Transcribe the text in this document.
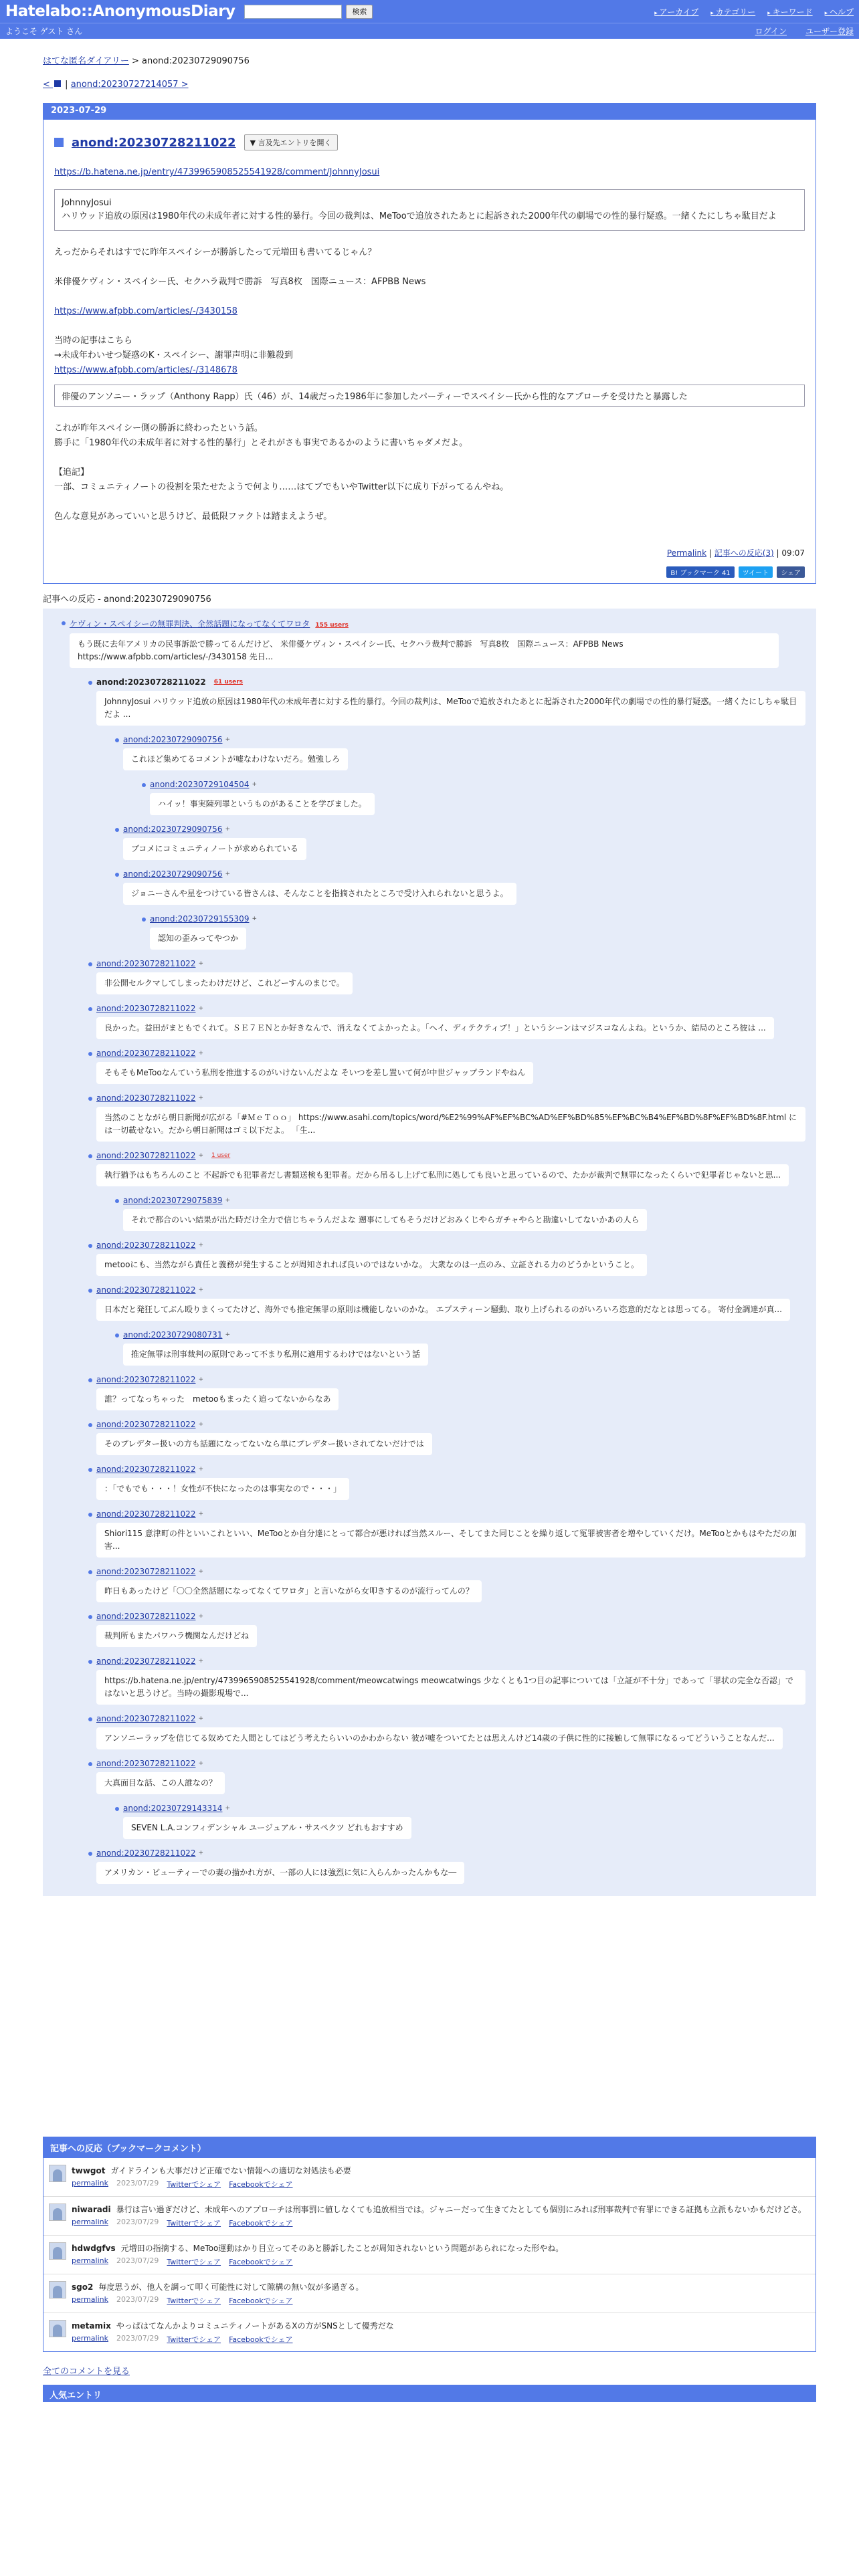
Hatelabo::AnonymousDiary	検索	▸ アーカイブ	▸ カテゴリー	▸ キーワード	▸ ヘルプ
ようこそ ゲスト さん	ログイン ユーザー登録
はてな匿名ダイアリー > anond:20230729090756
<  | anond:20230727214057 >
2023-07-29
anond:20230728211022	▼ 言及先エントリを開く
https://b.hatena.ne.jp/entry/4739965908525541928/comment/JohnnyJosui
JohnnyJosui
ハリウッド追放の原因は1980年代の未成年者に対する性的暴行。今回の裁判は、MeTooで追放されたあとに起訴された2000年代の劇場での性的暴行疑惑。一緒くたにしちゃ駄目だよ
えっだからそれはすでに昨年スペイシーが勝訴したって元増田も書いてるじゃん？
米俳優ケヴィン・スペイシー氏、セクハラ裁判で勝訴　写真8枚　国際ニュース：AFPBB News
https://www.afpbb.com/articles/-/3430158
当時の記事はこちら
→未成年わいせつ疑惑のK・スペイシー、謝罪声明に非難殺到
https://www.afpbb.com/articles/-/3148678
俳優のアンソニー・ラップ（Anthony Rapp）氏（46）が、14歳だった1986年に参加したパーティーでスペイシー氏から性的なアプローチを受けたと暴露した
これが昨年スペイシー側の勝訴に終わったという話。
勝手に「1980年代の未成年者に対する性的暴行」とそれがさも事実であるかのように書いちゃダメだよ。
【追記】
一部、コミュニティノートの役割を果たせたようで何より……はてブでもいやTwitter以下に成り下がってるんやね。
色んな意見があっていいと思うけど、最低限ファクトは踏まえようぜ。
Permalink | 記事への反応(3) | 09:07
B! ブックマーク 41	ツイート	シェア
記事への反応 - anond:20230729090756
ケヴィン・スペイシーの無罪判決、全然話題になってなくてワロタ 155 users
もう既に去年アメリカの民事訴訟で勝ってるんだけど、 米俳優ケヴィン・スペイシー氏、セクハラ裁判で勝訴　写真8枚　国際ニュース：AFPBB News https://www.afpbb.com/articles/-/3430158 先日...
anond:20230728211022 61 users
JohnnyJosui ハリウッド追放の原因は1980年代の未成年者に対する性的暴行。今回の裁判は、MeTooで追放されたあとに起訴された2000年代の劇場での性的暴行疑惑。一緒くたにしちゃ駄目だよ ...
anond:20230729090756 +
これほど集めてるコメントが嘘なわけないだろ。勉強しろ
anond:20230729104504 +
ハイッ！事実陳列罪というものがあることを学びました。
anond:20230729090756 +
ブコメにコミュニティノートが求められている
anond:20230729090756 +
ジョニーさんや星をつけている皆さんは、そんなことを指摘されたところで受け入れられないと思うよ。
anond:20230729155309 +
認知の歪みってやつか
anond:20230728211022 +
非公開セルクマしてしまったわけだけど、これどーすんのまじで。
anond:20230728211022 +
良かった。益田がまともでくれて。ＳＥ７ＥＮとか好きなんで、消えなくてよかったよ。「ヘイ、ディテクティブ！」というシーンはマジスコなんよね。というか、結局のところ彼は ...
anond:20230728211022 +
そもそもMeTooなんていう私刑を推進するのがいけないんだよな そいつを差し置いて何が中世ジャップランドやねん
anond:20230728211022 +
当然のことながら朝日新聞が広がる「#ＭｅＴｏｏ」 https://www.asahi.com/topics/word/%E2%99%AF%EF%BC%AD%EF%BD%85%EF%BC%B4%EF%BD%8F%EF%BD%8F.html には一切載せない。だから朝日新聞はゴミ以下だよ。 「生...
anond:20230728211022 + 1 user
執行猶予はもちろんのこと 不起訴でも犯罪者だし書類送検も犯罪者。だから吊るし上げて私刑に処しても良いと思っているので、たかが裁判で無罪になったくらいで犯罪者じゃないと思...
anond:20230729075839 +
それで都合のいい結果が出た時だけ全力で信じちゃうんだよな 遡事にしてもそうだけどおみくじやらガチャやらと勘違いしてないかあの人ら
anond:20230728211022 +
metooにも、当然ながら責任と義務が発生することが周知されれば良いのではないかな。 大衆なのは一点のみ、立証される力のどうかということ。
anond:20230728211022 +
日本だと発狂してぶん殴りまくってたけど、海外でも推定無罪の原則は機能しないのかな。 エプスティーン騒動、取り上げられるのがいろいろ恣意的だなとは思ってる。 寄付金調達が真...
anond:20230729080731 +
推定無罪は刑事裁判の原則であって不まり私刑に適用するわけではないという話
anond:20230728211022 +
誰？ってなっちゃった　metooもまったく追ってないからなあ
anond:20230728211022 +
そのプレデター扱いの方も話題になってないなら単にプレデター扱いされてないだけでは
anond:20230728211022 +
：「でもでも・・・！女性が不快になったのは事実なので・・・」
anond:20230728211022 +
Shiori115 意津町の件といいこれといい、MeTooとか自分達にとって都合が悪ければ当然スルー、そしてまた同じことを繰り返して冤罪被害者を増やしていくだけ。MeTooとかもはやただの加害...
anond:20230728211022 +
昨日もあったけど「〇〇全然話題になってなくてワロタ」と言いながら女叩きするのが流行ってんの？
anond:20230728211022 +
裁判所もまたパワハラ機関なんだけどね
anond:20230728211022 +
https://b.hatena.ne.jp/entry/4739965908525541928/comment/meowcatwings meowcatwings 少なくとも1つ目の記事については「立証が不十分」であって「罪状の完全な否認」ではないと思うけど。当時の撮影現場で...
anond:20230728211022 +
アンソニーラップを信じてる奴めてた人間としてはどう考えたらいいのかわからない 彼が嘘をついてたとは思えんけど14歳の子供に性的に接触して無罪になるってどういうことなんだ...
anond:20230728211022 +
大真面目な話、この人誰なの？
anond:20230729143314 +
SEVEN L.A.コンフィデンシャル ユージュアル・サスペクツ どれもおすすめ
anond:20230728211022 +
アメリカン・ビューティーでの妻の描かれ方が、一部の人には強烈に気に入らんかったんかもな―
記事への反応（ブックマークコメント）
twwgot ガイドラインも大事だけど正確でない情報への適切な対処法も必要
permalink 2023/07/29 Twitterでシェア Facebookでシェア
niwaradi 暴行は言い過ぎだけど、未成年へのアプローチは刑事罰に値しなくても追放相当では。ジャニーだって生きてたとしても個別にみれば刑事裁判で有罪にできる証拠も立派もないかもだけどさ。
permalink 2023/07/29 Twitterでシェア Facebookでシェア
hdwdgfvs 元増田の指摘する、MeToo運動はかり目立ってそのあと勝訴したことが周知されないという問題があられになった形やね。
permalink 2023/07/29 Twitterでシェア Facebookでシェア
sgo2 毎度思うが、他人を調って叩く可能性に対して隙構の無い奴が多過ぎる。
permalink 2023/07/29 Twitterでシェア Facebookでシェア
metamix やっぱはてなんかよりコミュニティノートがあるXの方がSNSとして優秀だな
permalink 2023/07/29 Twitterでシェア Facebookでシェア
全てのコメントを見る
人気エントリ
